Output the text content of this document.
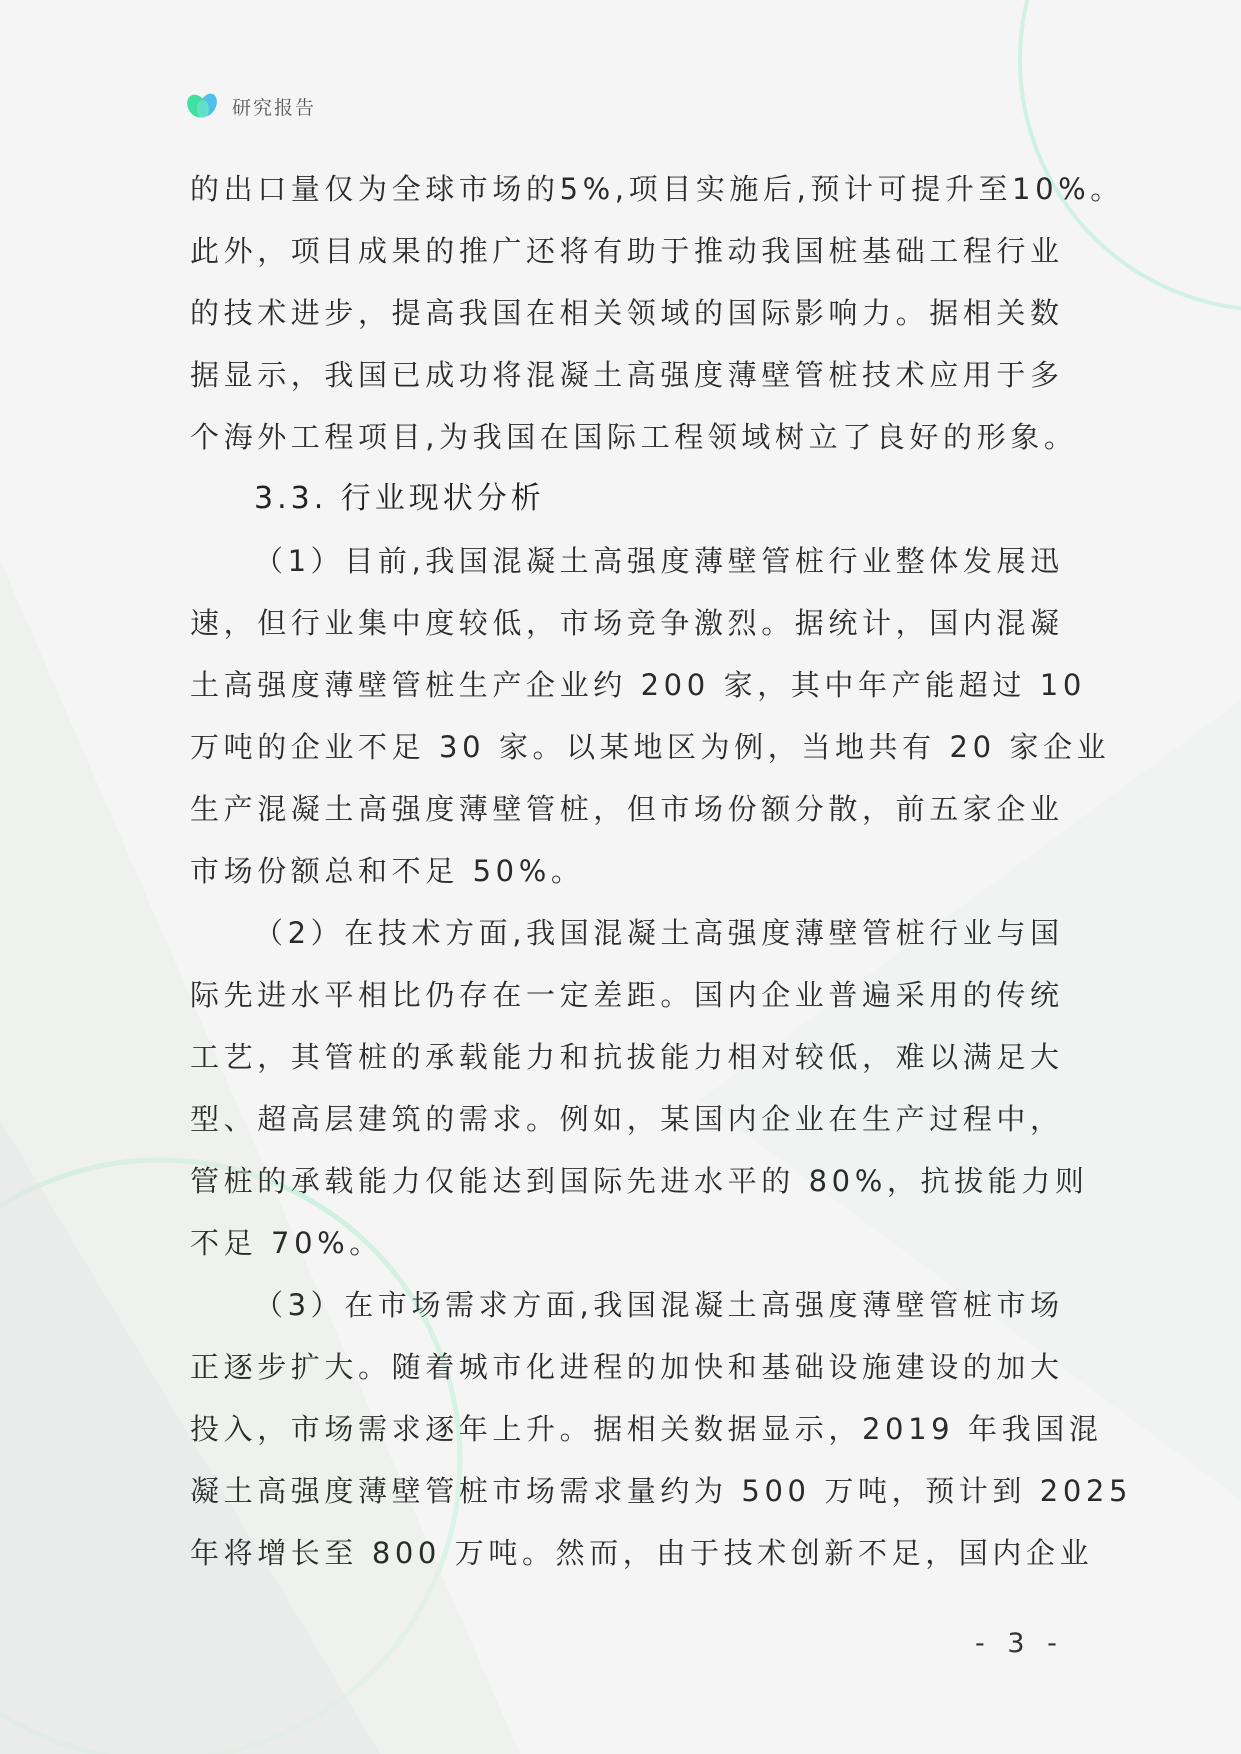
研究报告
的出口量仅为全球市场的5%,项目实施后,预计可提升至10%。
此外，项目成果的推广还将有助于推动我国桩基础工程行业
的技术进步，提高我国在相关领域的国际影响力。据相关数
据显示，我国已成功将混凝土高强度薄壁管桩技术应用于多
个海外工程项目,为我国在国际工程领域树立了良好的形象。
3.3. 行业现状分析
（1）目前,我国混凝土高强度薄壁管桩行业整体发展迅
速，但行业集中度较低，市场竞争激烈。据统计，国内混凝
土高强度薄壁管桩生产企业约 200 家，其中年产能超过 10
万吨的企业不足 30 家。以某地区为例，当地共有 20 家企业
生产混凝土高强度薄壁管桩，但市场份额分散，前五家企业
市场份额总和不足 50%。
（2）在技术方面,我国混凝土高强度薄壁管桩行业与国
际先进水平相比仍存在一定差距。国内企业普遍采用的传统
工艺，其管桩的承载能力和抗拔能力相对较低，难以满足大
型、超高层建筑的需求。例如，某国内企业在生产过程中，
管桩的承载能力仅能达到国际先进水平的 80%，抗拔能力则
不足 70%。
（3）在市场需求方面,我国混凝土高强度薄壁管桩市场
正逐步扩大。随着城市化进程的加快和基础设施建设的加大
投入，市场需求逐年上升。据相关数据显示，2019 年我国混
凝土高强度薄壁管桩市场需求量约为 500 万吨，预计到 2025
年将增长至 800 万吨。然而，由于技术创新不足，国内企业
- 3 -
